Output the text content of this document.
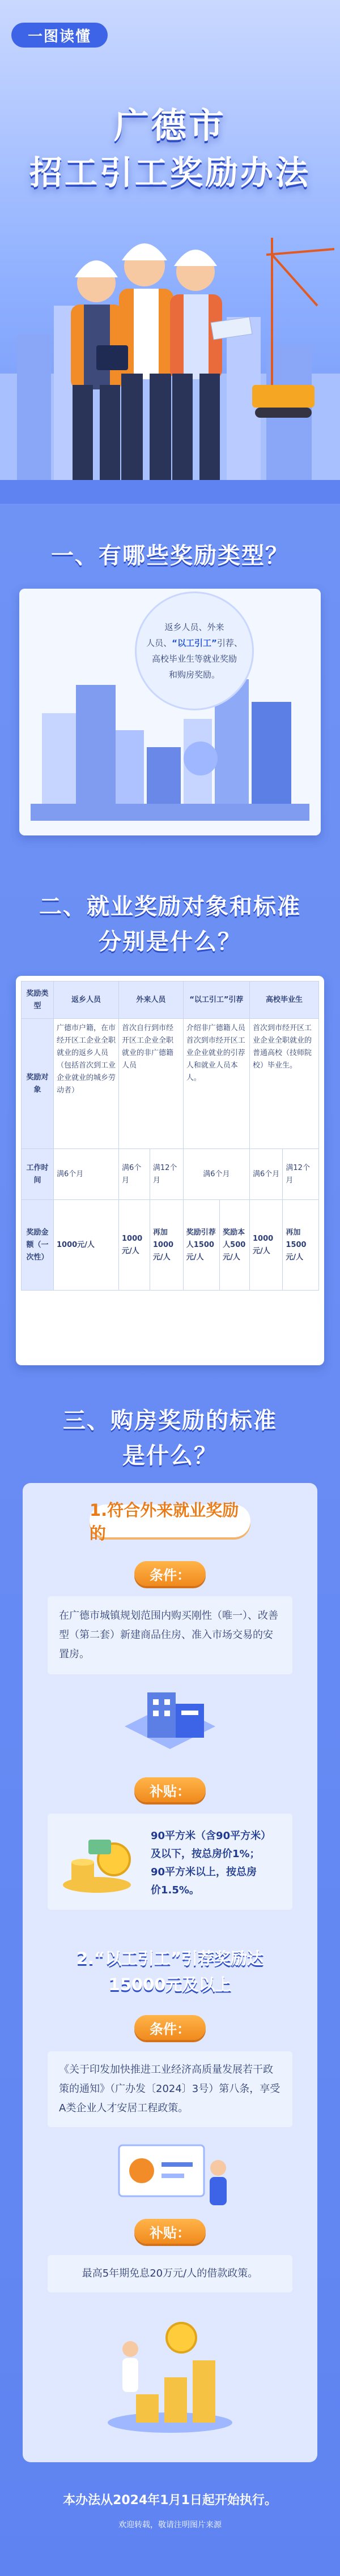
一图读懂
广德市
招工引工奖励办法
一、有哪些奖励类型？
返乡人员、外来
人员、“以工引工”引荐、
高校毕业生等就业奖励
和购房奖励。
二、就业奖励对象和标准
分别是什么？
奖励类型	返乡人员	外来人员		“以工引工”引荐		高校毕业生	
奖励对象	广德市户籍，在市经开区工企业全职就业的返乡人员（包括首次到工业企业就业的城乡劳动者）	首次自行到市经开区工企业全职就业的非广德籍人员		介绍非广德籍人员首次到市经开区工业企业就业的引荐人和就业人员本人。		首次到市经开区工业企业全职就业的普通高校（技师院校）毕业生。	
工作时间	满6个月	满6个月	满12个月	满6个月		满6个月	满12个月
奖励金额（一次性）	1000元/人	1000元/人	再加1000元/人	奖励引荐人1500元/人	奖励本人500元/人	1000元/人	再加1500元/人
三、购房奖励的标准
是什么？
1.符合外来就业奖励的
条件：
在广德市城镇规划范围内购买刚性（唯一）、改善型（第二套）新建商品住房、准入市场交易的安置房。
补贴：
90平方米（含90平方米）
及以下，按总房价1%；
90平方米以上，按总房
价1.5%。
2.“以工引工”引荐奖励达
15000元及以上
条件：
《关于印发加快推进工业经济高质量发展若干政策的通知》（广办发〔2024〕3号）第八条，享受A类企业人才安居工程政策。
补贴：
最高5年期免息20万元/人的借款政策。
本办法从2024年1月1日起开始执行。
欢迎转载，敬请注明图片来源
